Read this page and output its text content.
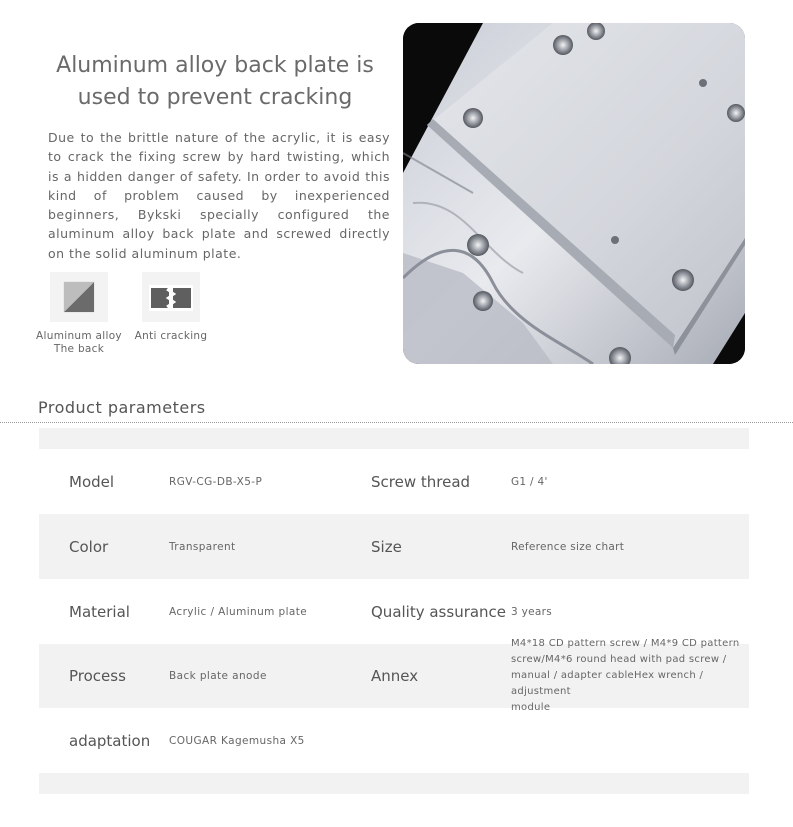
Aluminum alloy back plate is
used to prevent cracking

Due to the brittle nature of the acrylic, it is easy to crack the fixing screw by hard twisting, which is a hidden danger of safety. In order to avoid this kind of problem caused by inexperienced beginners, Bykski specially configured the aluminum alloy back plate and screwed directly on the solid aluminum plate.

Aluminum alloy
The back
Anti cracking
Product parameters
Model	RGV-CG-DB-X5-P	Screw thread	G1 / 4'
Color	Transparent	Size	Reference size chart
Material	Acrylic / Aluminum plate	Quality assurance 3 years
Process	Back plate anode	Annex
M4*18 CD pattern screw / M4*9 CD pattern
screw/M4*6 round head with pad screw /
manual / adapter cableHex wrench / adjustment
module
adaptation COUGAR Kagemusha X5
